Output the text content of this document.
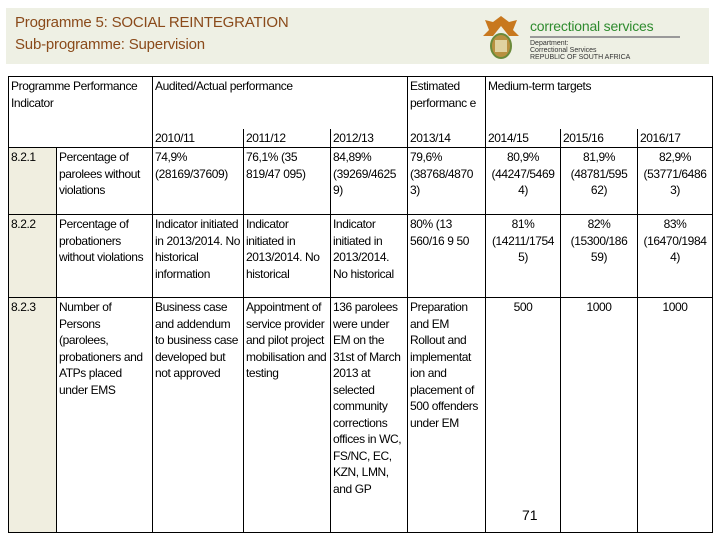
Programme 5: SOCIAL REINTEGRATION
Sub-programme: Supervision
correctional services
Department:
Correctional Services
REPUBLIC OF SOUTH AFRICA
Programme Performance Indicator		Audited/Actual performance			Estimated performanc e	Medium-term targets		
		2010/11	2011/12	2012/13	2013/14	2014/15	2015/16	2016/17
8.2.1	Percentage of parolees without violations	74,9% (28169/37609)	76,1% (35 819/47 095)	84,89% (39269/4625 9)	79,6% (38768/4870 3)	80,9% (44247/5469 4)	81,9% (48781/595 62)	82,9% (53771/6486 3)
8.2.2	Percentage of probationers without violations	Indicator initiated in 2013/2014. No historical information	Indicator initiated in 2013/2014. No historical	Indicator initiated in 2013/2014. No historical	80% (13 560/16 9 50	81% (14211/1754 5)	82% (15300/186 59)	83% (16470/1984 4)
8.2.3	Number of Persons (parolees, probationers and ATPs placed under EMS	Business case and addendum to business case developed but not approved	Appointment of service provider and pilot project mobilisation and testing	136 parolees were under EM on the 31st of March 2013 at selected community corrections offices in WC, FS/NC, EC, KZN, LMN, and GP	Preparation and EM Rollout and implementat ion and placement of 500 offenders under EM	500	1000	1000
71
